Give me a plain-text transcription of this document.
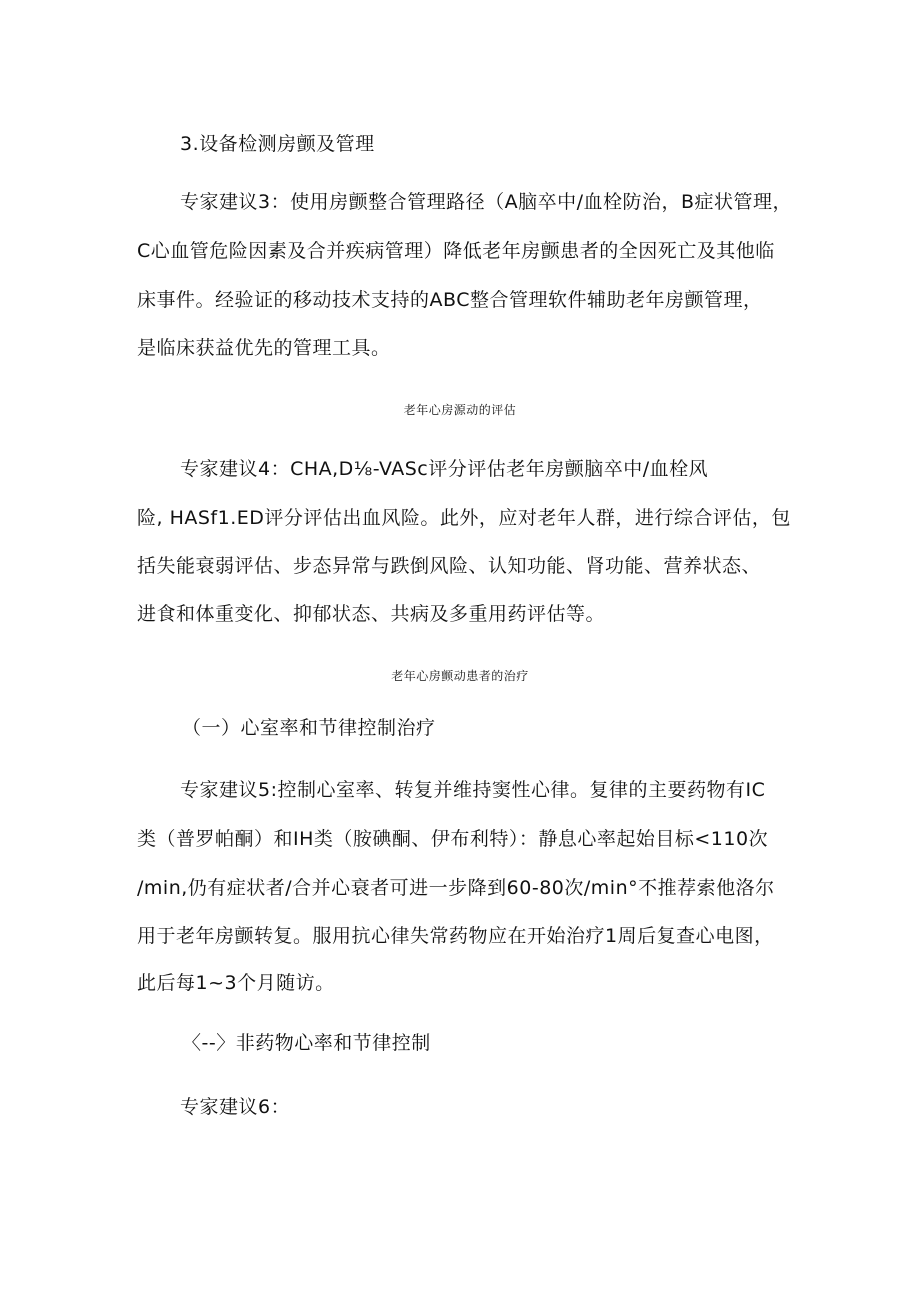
3.设备检测房颤及管理
专家建议3：使用房颤整合管理路径（A脑卒中/血栓防治，B症状管理，
C心血管危险因素及合并疾病管理）降低老年房颤患者的全因死亡及其他临
床事件。经验证的移动技术支持的ABC整合管理软件辅助老年房颤管理，
是临床获益优先的管理工具。
老年心房源动的评估
专家建议4：CHA,D⅛-VASc评分评估老年房颤脑卒中/血栓风
险, HASf1.ED评分评估出血风险。此外，应对老年人群，进行综合评估，包
括失能衰弱评估、步态异常与跌倒风险、认知功能、肾功能、营养状态、
进食和体重变化、抑郁状态、共病及多重用药评估等。
老年心房颤动患者的治疗
（一）心室率和节律控制治疗
专家建议5:控制心室率、转复并维持窦性心律。复律的主要药物有IC
类（普罗帕酮）和IH类（胺碘酮、伊布利特）：静息心率起始目标<110次
/min,仍有症状者/合并心衰者可进一步降到60-80次/min°不推荐索他洛尔
用于老年房颤转复。服用抗心律失常药物应在开始治疗1周后复查心电图，
此后每1~3个月随访。
〈--〉非药物心率和节律控制
专家建议6：
